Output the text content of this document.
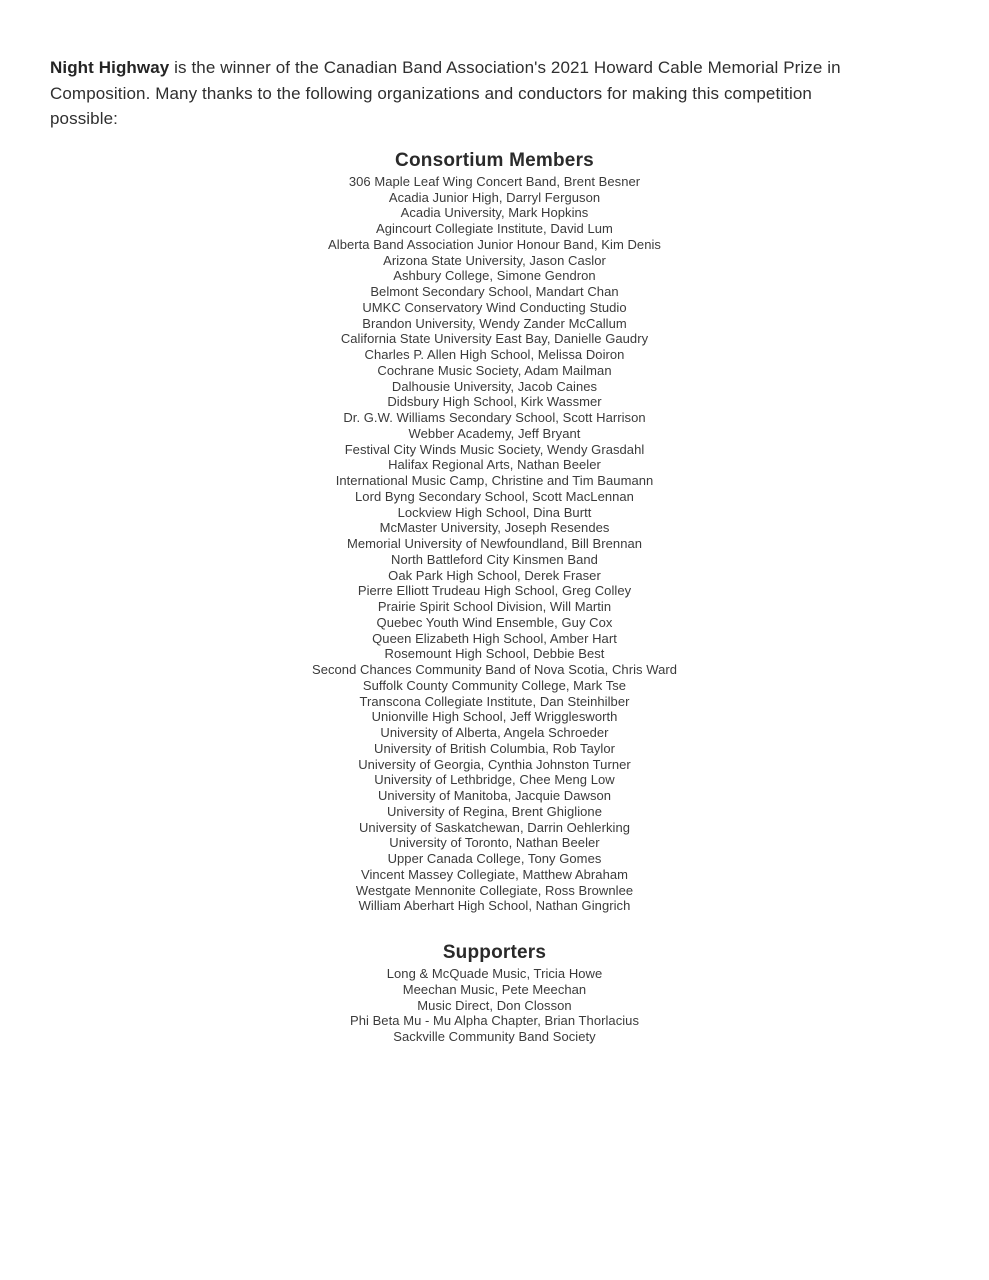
Night Highway is the winner of the Canadian Band Association's 2021 Howard Cable Memorial Prize in
Composition. Many thanks to the following organizations and conductors for making this competition
possible:
Consortium Members
306 Maple Leaf Wing Concert Band, Brent Besner
Acadia Junior High, Darryl Ferguson
Acadia University, Mark Hopkins
Agincourt Collegiate Institute, David Lum
Alberta Band Association Junior Honour Band, Kim Denis
Arizona State University, Jason Caslor
Ashbury College, Simone Gendron
Belmont Secondary School, Mandart Chan
UMKC Conservatory Wind Conducting Studio
Brandon University, Wendy Zander McCallum
California State University East Bay, Danielle Gaudry
Charles P. Allen High School, Melissa Doiron
Cochrane Music Society, Adam Mailman
Dalhousie University, Jacob Caines
Didsbury High School, Kirk Wassmer
Dr. G.W. Williams Secondary School, Scott Harrison
Webber Academy, Jeff Bryant
Festival City Winds Music Society, Wendy Grasdahl
Halifax Regional Arts, Nathan Beeler
International Music Camp, Christine and Tim Baumann
Lord Byng Secondary School, Scott MacLennan
Lockview High School, Dina Burtt
McMaster University, Joseph Resendes
Memorial University of Newfoundland, Bill Brennan
North Battleford City Kinsmen Band
Oak Park High School, Derek Fraser
Pierre Elliott Trudeau High School, Greg Colley
Prairie Spirit School Division, Will Martin
Quebec Youth Wind Ensemble, Guy Cox
Queen Elizabeth High School, Amber Hart
Rosemount High School, Debbie Best
Second Chances Community Band of Nova Scotia, Chris Ward
Suffolk County Community College, Mark Tse
Transcona Collegiate Institute, Dan Steinhilber
Unionville High School, Jeff Wrigglesworth
University of Alberta, Angela Schroeder
University of British Columbia, Rob Taylor
University of Georgia, Cynthia Johnston Turner
University of Lethbridge, Chee Meng Low
University of Manitoba, Jacquie Dawson
University of Regina, Brent Ghiglione
University of Saskatchewan, Darrin Oehlerking
University of Toronto, Nathan Beeler
Upper Canada College, Tony Gomes
Vincent Massey Collegiate, Matthew Abraham
Westgate Mennonite Collegiate, Ross Brownlee
William Aberhart High School, Nathan Gingrich
Supporters
Long & McQuade Music, Tricia Howe
Meechan Music, Pete Meechan
Music Direct, Don Closson
Phi Beta Mu - Mu Alpha Chapter, Brian Thorlacius
Sackville Community Band Society
